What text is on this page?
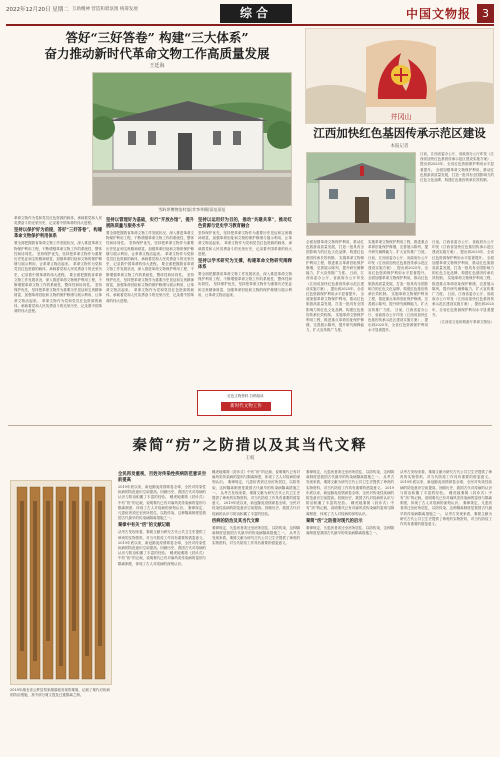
2022年12月20日 星期二 互助精神 营造和谐氛围 统筹发展	综合	中国文物报 3
答好“三好答卷” 构建“三大体系”
奋力推动新时代革命文物工作高质量发展
王廷海
雪岭坝博物馆村落(苹李华摄)旧址旧址
革命文物作为党和党员红色资源的载体，承载着党和人民英勇奋斗的光荣历史，记录着中国革命的伟大进程。
坚持以保护好为前提，答好“三好答卷”，构建革命文物保护利用体系
要全面把握我省革命文物工作发展状况，深入推进革命文物保护利用工程，不断增强革命文物工作的系统性、整体性和协同性。 坚持保护优先，坚持把革命文物作为重要历史见证和宝贵精神财富，加强革命旧址和文物的保护修缮与展示利用，让革命文物活起来。 革命文物作为党和党员红色资源的载体，承载着党和人民英勇奋斗的光荣历史，记录着中国革命的伟大进程。 要全面把握我省革命文物工作发展状况，深入推进革命文物保护利用工程，不断增强革命文物工作的系统性、整体性和协同性。 坚持保护优先，坚持把革命文物作为重要历史见证和宝贵精神财富，加强革命旧址和文物的保护修缮与展示利用，让革命文物活起来。 革命文物作为党和党员红色资源的载体，承载着党和人民英勇奋斗的光荣历史，记录着中国革命的伟大进程。
坚持以管理好为基础，实行“开放办馆”，提升展陈质量与服务水平
要全面把握我省革命文物工作发展状况，深入推进革命文物保护利用工程，不断增强革命文物工作的系统性、整体性和协同性。 坚持保护优先，坚持把革命文物作为重要历史见证和宝贵精神财富，加强革命旧址和文物的保护修缮与展示利用，让革命文物活起来。 革命文物作为党和党员红色资源的载体，承载着党和人民英勇奋斗的光荣历史，记录着中国革命的伟大进程。 要全面把握我省革命文物工作发展状况，深入推进革命文物保护利用工程，不断增强革命文物工作的系统性、整体性和协同性。 坚持保护优先，坚持把革命文物作为重要历史见证和宝贵精神财富，加强革命旧址和文物的保护修缮与展示利用，让革命文物活起来。 革命文物作为党和党员红色资源的载体，承载着党和人民英勇奋斗的光荣历史，记录着中国革命的伟大进程。
坚持以运用好为目的，推动“共建共享”，推动红色资源与党史学习教育融合
坚持保护优先，坚持把革命文物作为重要历史见证和宝贵精神财富，加强革命旧址和文物的保护修缮与展示利用，让革命文物活起来。 革命文物作为党和党员红色资源的载体，承载着党和人民英勇奋斗的光荣历史，记录着中国革命的伟大进程。
坚持以学术研究为支撑，构建革命文物研究阐释体系
要全面把握我省革命文物工作发展状况，深入推进革命文物保护利用工程，不断增强革命文物工作的系统性、整体性和协同性。 坚持保护优先，坚持把革命文物作为重要历史见证和宝贵精神财富，加强革命旧址和文物的保护修缮与展示利用，让革命文物活起来。
红色文物资料 扫码阅读
新时代文物工作
井冈山
江西加快红色基因传承示范区建设
本报记者
日前，江西省委办公厅、省政府办公厅印发《江西省加快红色基因传承示范区建设实施方案》，提出到2025年，全省红色资源保护利用水平显著提升。 全面加强革命文物保护利用，推动红色旅游高质量发展，打造一批具有全国影响力的红色文化品牌，构建红色基因传承长效机制。
全面加强革命文物保护利用，推动红色旅游高质量发展，打造一批具有全国影响力的红色文化品牌，构建红色基因传承长效机制。 实施革命文物保护利用工程，推进重点革命旧址保护修缮，完善展示陈列，提升研究阐释能力，扩大宣传推广力度。 日前，江西省委办公厅、省政府办公厅印发《江西省加快红色基因传承示范区建设实施方案》，提出到2025年，全省红色资源保护利用水平显著提升。 全面加强革命文物保护利用，推动红色旅游高质量发展，打造一批具有全国影响力的红色文化品牌，构建红色基因传承长效机制。 实施革命文物保护利用工程，推进重点革命旧址保护修缮，完善展示陈列，提升研究阐释能力，扩大宣传推广力度。
实施革命文物保护利用工程，推进重点革命旧址保护修缮，完善展示陈列，提升研究阐释能力，扩大宣传推广力度。 日前，江西省委办公厅、省政府办公厅印发《江西省加快红色基因传承示范区建设实施方案》，提出到2025年，全省红色资源保护利用水平显著提升。 全面加强革命文物保护利用，推动红色旅游高质量发展，打造一批具有全国影响力的红色文化品牌，构建红色基因传承长效机制。 实施革命文物保护利用工程，推进重点革命旧址保护修缮，完善展示陈列，提升研究阐释能力，扩大宣传推广力度。 日前，江西省委办公厅、省政府办公厅印发《江西省加快红色基因传承示范区建设实施方案》，提出到2025年，全省红色资源保护利用水平显著提升。
日前，江西省委办公厅、省政府办公厅印发《江西省加快红色基因传承示范区建设实施方案》，提出到2025年，全省红色资源保护利用水平显著提升。 全面加强革命文物保护利用，推动红色旅游高质量发展，打造一批具有全国影响力的红色文化品牌，构建红色基因传承长效机制。 实施革命文物保护利用工程，推进重点革命旧址保护修缮，完善展示陈列，提升研究阐释能力，扩大宣传推广力度。 日前，江西省委办公厅、省政府办公厅印发《江西省加快红色基因传承示范区建设实施方案》，提出到2025年，全省红色资源保护利用水平显著提升。
（江西省文化和旅游厅革命文物处）
秦简“疠”之防措以及其当代文释
王岐
2019年湖北省云梦县郑家湖墓地发现的秦简，记载了秦代对疠病的防治措施，其中部分简文提及迁徙隔离之制。
全民再发重视，百姓对传染性疾病防范意识空前提高
2019年底以来，新冠肺炎疫情席卷全球，全民对传染性疾病的防范意识空前提高。回顾历史，我国古代对疫病的认识与防治积累了丰富的经验。 睡虎地秦简《封诊式》中有“疠”的记载，说明秦代已有对麻风类传染病的鉴别与隔离制度，体现了古人对疫病的深刻认识。 秦律规定，凡患疠者须迁至疠所居住，以防传染，这种隔离制度是我国古代最早的传染病隔离措施之一。
秦律中有关“疠”的文献记载
从考古发现来看，秦简文献为研究古代公共卫生史提供了珍贵的实物资料，对当代防疫工作具有重要的借鉴意义。 2019年底以来，新冠肺炎疫情席卷全球，全民对传染性疾病的防范意识空前提高。回顾历史，我国古代对疫病的认识与防治积累了丰富的经验。 睡虎地秦简《封诊式》中有“疠”的记载，说明秦代已有对麻风类传染病的鉴别与隔离制度，体现了古人对疫病的深刻认识。
睡虎地秦简《封诊式》中有“疠”的记载，说明秦代已有对麻风类传染病的鉴别与隔离制度，体现了古人对疫病的深刻认识。 秦律规定，凡患疠者须迁至疠所居住，以防传染，这种隔离制度是我国古代最早的传染病隔离措施之一。 从考古发现来看，秦简文献为研究古代公共卫生史提供了珍贵的实物资料，对当代防疫工作具有重要的借鉴意义。 2019年底以来，新冠肺炎疫情席卷全球，全民对传染性疾病的防范意识空前提高。回顾历史，我国古代对疫病的认识与防治积累了丰富的经验。
疠病的防治及其当代文释
秦律规定，凡患疠者须迁至疠所居住，以防传染，这种隔离制度是我国古代最早的传染病隔离措施之一。 从考古发现来看，秦简文献为研究古代公共卫生史提供了珍贵的实物资料，对当代防疫工作具有重要的借鉴意义。
秦律规定，凡患疠者须迁至疠所居住，以防传染，这种隔离制度是我国古代最早的传染病隔离措施之一。 从考古发现来看，秦简文献为研究古代公共卫生史提供了珍贵的实物资料，对当代防疫工作具有重要的借鉴意义。 2019年底以来，新冠肺炎疫情席卷全球，全民对传染性疾病的防范意识空前提高。回顾历史，我国古代对疫病的认识与防治积累了丰富的经验。 睡虎地秦简《封诊式》中有“疠”的记载，说明秦代已有对麻风类传染病的鉴别与隔离制度，体现了古人对疫病的深刻认识。
秦简“疠”之防措对现代的启示
秦律规定，凡患疠者须迁至疠所居住，以防传染，这种隔离制度是我国古代最早的传染病隔离措施之一。
从考古发现来看，秦简文献为研究古代公共卫生史提供了珍贵的实物资料，对当代防疫工作具有重要的借鉴意义。 2019年底以来，新冠肺炎疫情席卷全球，全民对传染性疾病的防范意识空前提高。回顾历史，我国古代对疫病的认识与防治积累了丰富的经验。 睡虎地秦简《封诊式》中有“疠”的记载，说明秦代已有对麻风类传染病的鉴别与隔离制度，体现了古人对疫病的深刻认识。 秦律规定，凡患疠者须迁至疠所居住，以防传染，这种隔离制度是我国古代最早的传染病隔离措施之一。 从考古发现来看，秦简文献为研究古代公共卫生史提供了珍贵的实物资料，对当代防疫工作具有重要的借鉴意义。
